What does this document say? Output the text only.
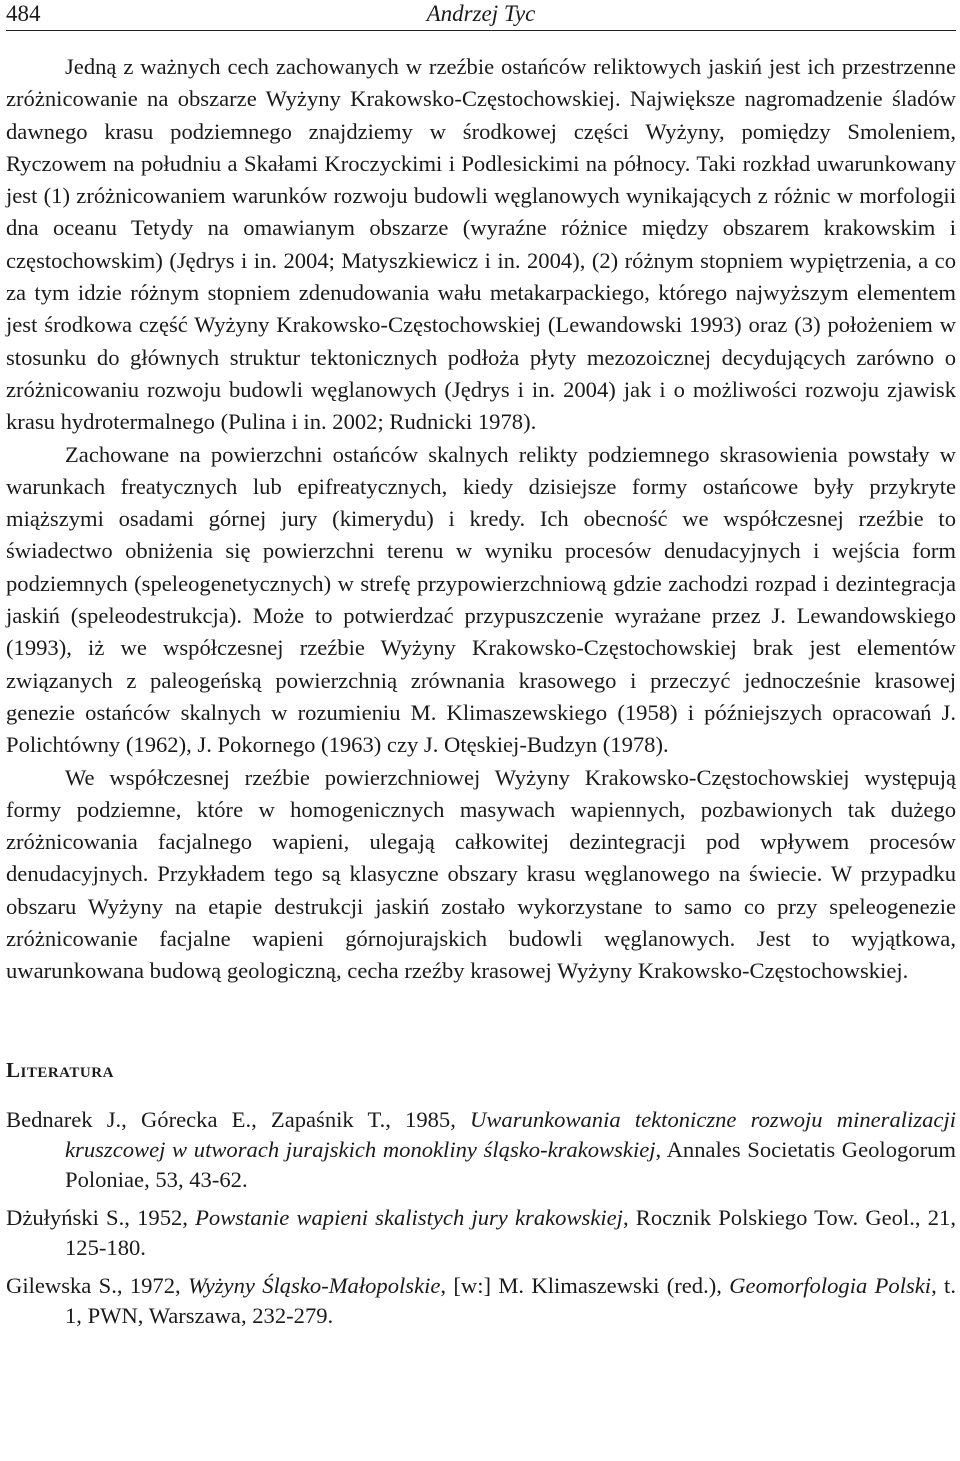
484	Andrzej Tyc

Jedną z ważnych cech zachowanych w rzeźbie ostańców reliktowych jaskiń jest ich przestrzenne zróżnicowanie na obszarze Wyżyny Krakowsko-Częstochowskiej. Największe nagromadzenie śladów dawnego krasu podziemnego znajdziemy w środkowej części Wyżyny, pomiędzy Smoleniem, Ryczowem na południu a Skałami Kroczyckimi i Podlesickimi na północy. Taki rozkład uwarunkowany jest (1) zróżnicowaniem warunków rozwoju budowli węglanowych wynikających z różnic w morfologii dna oceanu Tetydy na omawianym obszarze (wyraźne różnice między obszarem krakowskim i częstochowskim) (Jędrys i in. 2004; Matyszkiewicz i in. 2004), (2) różnym stopniem wypiętrzenia, a co za tym idzie różnym stopniem zdenudowania wału metakarpackiego, którego najwyższym elementem jest środkowa część Wyżyny Krakowsko-Częstochowskiej (Lewandowski 1993) oraz (3) położeniem w stosunku do głównych struktur tektonicznych podłoża płyty mezozoicznej decydujących zarówno o zróżnicowaniu rozwoju budowli węglanowych (Jędrys i in. 2004) jak i o możliwości rozwoju zjawisk krasu hydrotermalnego (Pulina i in. 2002; Rudnicki 1978).

Zachowane na powierzchni ostańców skalnych relikty podziemnego skrasowienia powstały w warunkach freatycznych lub epifreatycznych, kiedy dzisiejsze formy ostańcowe były przykryte miąższymi osadami górnej jury (kimerydu) i kredy. Ich obecność we współczesnej rzeźbie to świadectwo obniżenia się powierzchni terenu w wyniku procesów denudacyjnych i wejścia form podziemnych (speleogenetycznych) w strefę przypowierzchniową gdzie zachodzi rozpad i dezintegracja jaskiń (speleodestrukcja). Może to potwierdzać przypuszczenie wyrażane przez J. Lewandowskiego (1993), iż we współczesnej rzeźbie Wyżyny Krakowsko-Częstochowskiej brak jest elementów związanych z paleogeńską powierzchnią zrównania krasowego i przeczyć jednocześnie krasowej genezie ostańców skalnych w rozumieniu M. Klimaszewskiego (1958) i późniejszych opracowań J. Polichtówny (1962), J. Pokornego (1963) czy J. Otęskiej-Budzyn (1978).

We współczesnej rzeźbie powierzchniowej Wyżyny Krakowsko-Częstochowskiej występują formy podziemne, które w homogenicznych masywach wapiennych, pozbawionych tak dużego zróżnicowania facjalnego wapieni, ulegają całkowitej dezintegracji pod wpływem procesów denudacyjnych. Przykładem tego są klasyczne obszary krasu węglanowego na świecie. W przypadku obszaru Wyżyny na etapie destrukcji jaskiń zostało wykorzystane to samo co przy speleogenezie zróżnicowanie facjalne wapieni górnojurajskich budowli węglanowych. Jest to wyjątkowa, uwarunkowana budową geologiczną, cecha rzeźby krasowej Wyżyny Krakowsko-Częstochowskiej.

Literatura
Bednarek J., Górecka E., Zapaśnik T., 1985, Uwarunkowania tektoniczne rozwoju mineralizacji kruszcowej w utworach jurajskich monokliny śląsko-krakowskiej, Annales Societatis Geologorum Poloniae, 53, 43-62.
Dżułyński S., 1952, Powstanie wapieni skalistych jury krakowskiej, Rocznik Polskiego Tow. Geol., 21, 125-180.
Gilewska S., 1972, Wyżyny Śląsko-Małopolskie, [w:] M. Klimaszewski (red.), Geomorfologia Polski, t. 1, PWN, Warszawa, 232-279.
